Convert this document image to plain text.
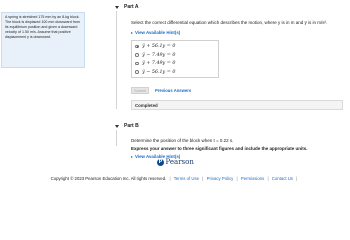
A spring is stretched 175 mm by an 8-kg block. The block is displaced 100 mm downward from its equilibrium position and given a downward velocity of 1.50 m/s. Assume that positive displacement y is downward.
Part A
Select the correct differential equation which describes the motion, where y is in m and ÿ is in m/s².
View Available Hint(s)
ÿ + 56.1y = 0
ÿ − 7.49y = 0
ÿ + 7.49y = 0
ÿ − 56.1y = 0
Submit	Previous Answers
Completed
Part B
Determine the position of the block when t = 0.22 s.
Express your answer to three significant figures and include the appropriate units.
View Available Hint(s)
P Pearson
Copyright © 2023 Pearson Education Inc. All rights reserved. | Terms of Use | Privacy Policy | Permissions | Contact Us |
